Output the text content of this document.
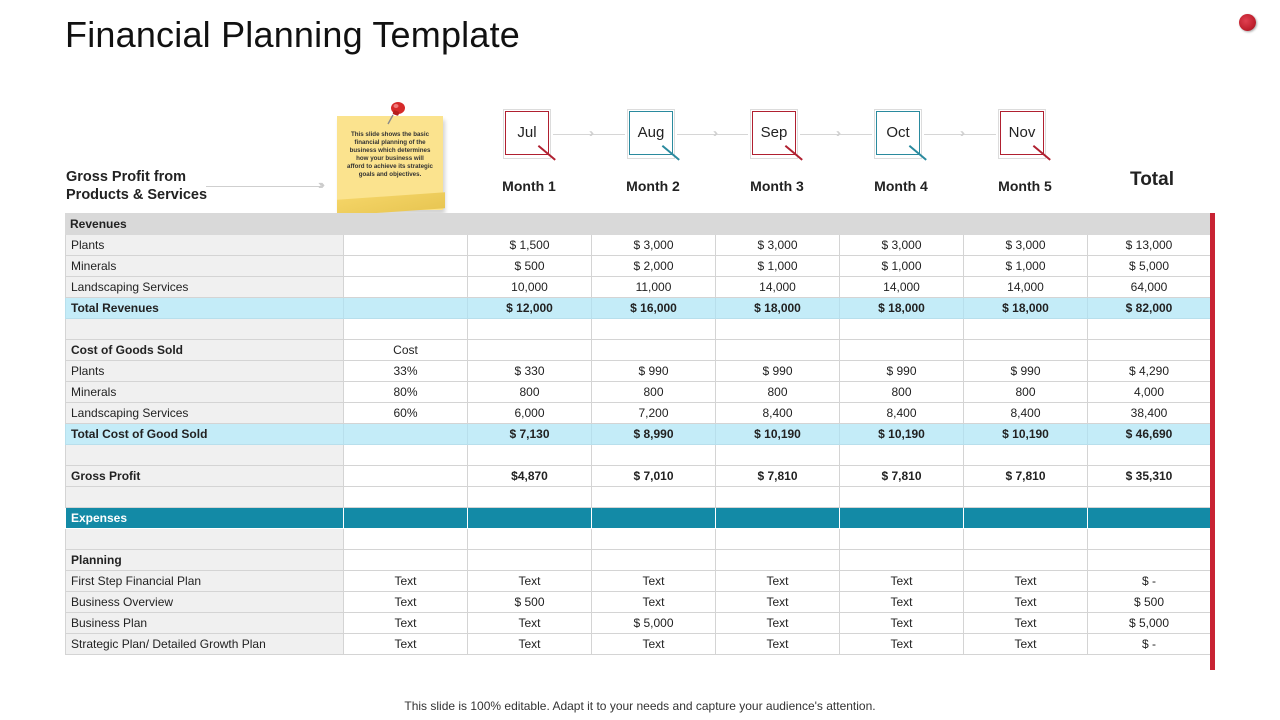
Financial Planning Template
Gross Profit from
Products & Services
›››
This slide shows the basic financial planning of the business which determines how your business will afford to achieve its strategic goals and objectives.
Jul	››
Month 1
Aug	››
Month 2
Sep	››
Month 3
Oct	››
Month 4
Nov
Month 5	Total
Revenues							
Plants		$ 1,500	$ 3,000	$ 3,000	$ 3,000	$ 3,000	$ 13,000
Minerals		$ 500	$ 2,000	$ 1,000	$ 1,000	$ 1,000	$ 5,000
Landscaping Services		10,000	11,000	14,000	14,000	14,000	64,000
Total Revenues		$ 12,000	$ 16,000	$ 18,000	$ 18,000	$ 18,000	$ 82,000

Cost of Goods Sold	Cost						
Plants	33%	$ 330	$ 990	$ 990	$ 990	$ 990	$ 4,290
Minerals	80%	800	800	800	800	800	4,000
Landscaping Services	60%	6,000	7,200	8,400	8,400	8,400	38,400
Total Cost of Good Sold		$ 7,130	$ 8,990	$ 10,190	$ 10,190	$ 10,190	$ 46,690

Gross Profit		$4,870	$ 7,010	$ 7,810	$ 7,810	$ 7,810	$ 35,310

Expenses							

Planning							
First Step Financial Plan	Text	Text	Text	Text	Text	Text	$ -
Business Overview	Text	$ 500	Text	Text	Text	Text	$ 500
Business Plan	Text	Text	$ 5,000	Text	Text	Text	$ 5,000
Strategic Plan/ Detailed Growth Plan	Text	Text	Text	Text	Text	Text	$ -
This slide is 100% editable. Adapt it to your needs and capture your audience's attention.
